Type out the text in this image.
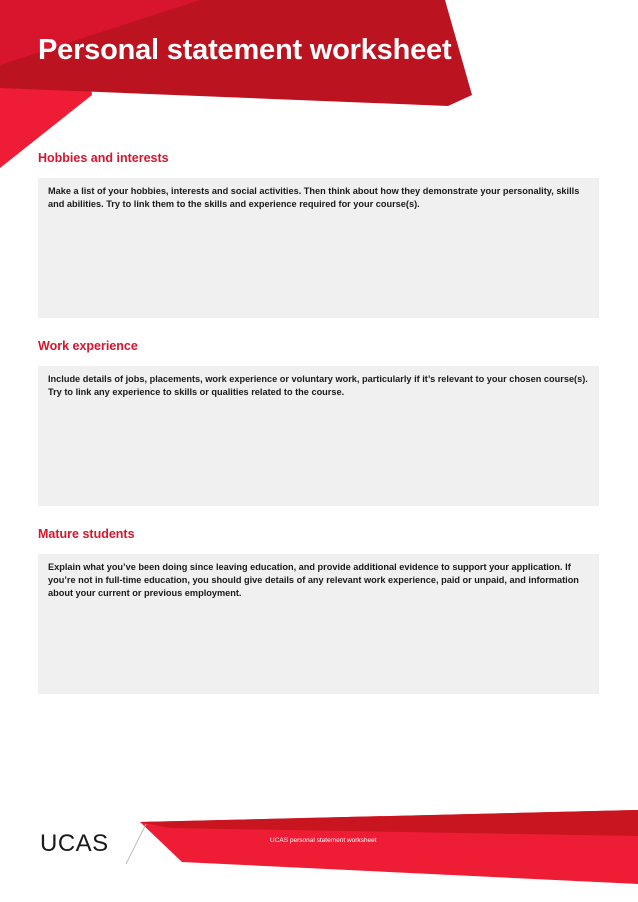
Personal statement worksheet
Hobbies and interests

Make a list of your hobbies, interests and social activities. Then think about how they demonstrate your personality, skills and abilities. Try to link them to the skills and experience required for your course(s).

Work experience

Include details of jobs, placements, work experience or voluntary work, particularly if it’s relevant to your chosen course(s). Try to link any experience to skills or qualities related to the course.

Mature students

Explain what you’ve been doing since leaving education, and provide additional evidence to support your application. If you’re not in full-time education, you should give details of any relevant work experience, paid or unpaid, and information about your current or previous employment.

UCAS	UCAS personal statement worksheet
